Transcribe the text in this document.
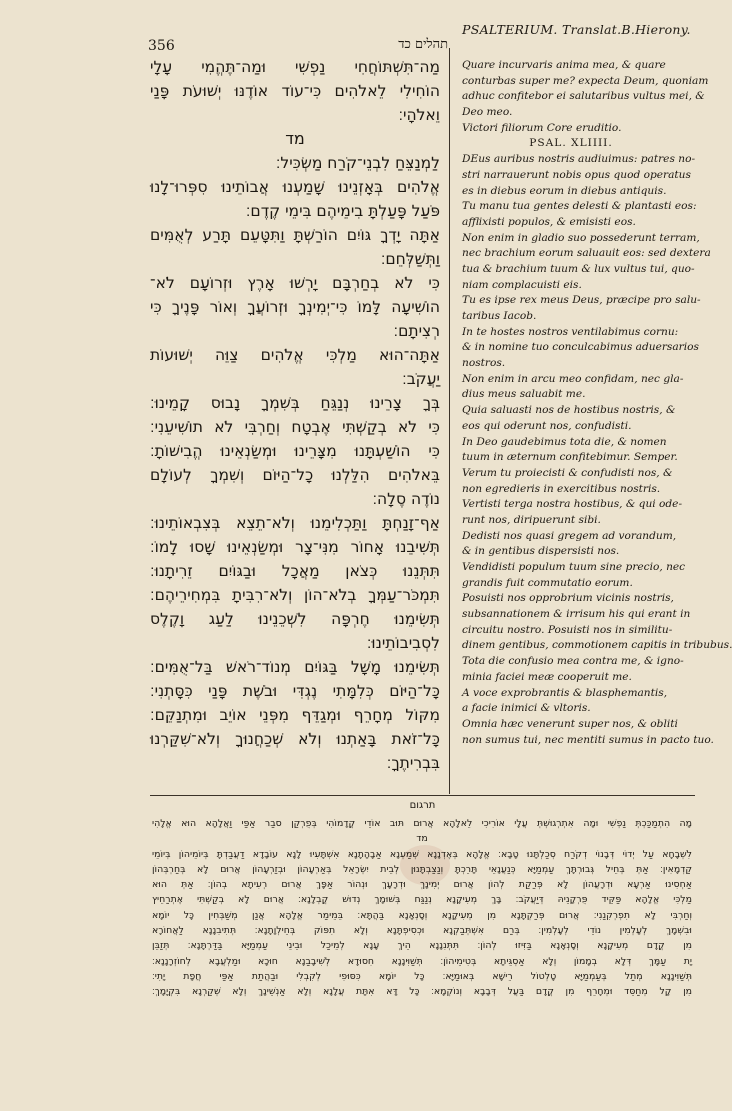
356	תהלים כד
PSALTERIUM. Translat.B.Hierony.
מַה־תִּשְׁתּוֹחֲחִי נַפְשִׁי וּמַה־תֶּהֱמִי עָלָי
הוֹחִילִי לֵאלֹהִים כִּי־עוֹד אוֹדֶנּוּ יְשׁוּעֹת פָּנַי
וֵאלֹהָי׃
מד
לַמְנַצֵּחַ לִבְנֵי־קֹרַח מַשְׂכִּיל׃
אֱלֹהִים בְּאָזְנֵינוּ שָׁמַעְנוּ אֲבוֹתֵינוּ סִפְּרוּ־לָנוּ
פֹּעַל פָּעַלְתָּ בִימֵיהֶם בִּימֵי קֶדֶם׃
אַתָּה יָדְךָ גּוֹיִם הוֹרַשְׁתָּ וַתִּטָּעֵם תָּרַע לְאֻמִּים
וַתְּשַׁלְּחֵם׃
כִּי לֹא בְחַרְבָּם יָרְשׁוּ אָרֶץ וּזְרוֹעָם לֹא־
הוֹשִׁיעָה לָּמוֹ כִּי־יְמִינְךָ וּזְרוֹעֲךָ וְאוֹר פָּנֶיךָ כִּי
רְצִיתָם׃
אַתָּה־הוּא מַלְכִּי אֱלֹהִים צַוֵּה יְשׁוּעוֹת
יַעֲקֹב׃
בְּךָ צָרֵינוּ נְנַגֵּחַ בְּשִׁמְךָ נָבוּס קָמֵינוּ׃
כִּי לֹא בְקַשְׁתִּי אֶבְטָח וְחַרְבִּי לֹא תוֹשִׁיעֵנִי׃
כִּי הוֹשַׁעְתָּנוּ מִצָּרֵינוּ וּמְשַׂנְאֵינוּ הֱבִישׁוֹתָ׃
בֵּאלֹהִים הִלַּלְנוּ כָל־הַיּוֹם וְשִׁמְךָ לְעוֹלָם
נוֹדֶה סֶלָה׃
אַף־זָנַחְתָּ וַתַּכְלִימֵנוּ וְלֹא־תֵצֵא בְּצִבְאוֹתֵינוּ׃
תְּשִׁיבֵנוּ אָחוֹר מִנִּי־צָר וּמְשַׂנְאֵינוּ שָׁסוּ לָמוֹ׃
תִּתְּנֵנוּ כְּצֹאן מַאֲכָל וּבַגּוֹיִם זֵרִיתָנוּ׃
תִּמְכֹּר־עַמְּךָ בְלֹא־הוֹן וְלֹא־רִבִּיתָ בִּמְחִירֵיהֶם׃
תְּשִׂימֵנוּ חֶרְפָּה לִשְׁכֵנֵינוּ לַעַג וָקֶלֶס
לִסְבִיבוֹתֵינוּ׃
תְּשִׂימֵנוּ מָשָׁל בַּגּוֹיִם מְנוֹד־רֹאשׁ בַּל־אֻמִּים׃
כָּל־הַיּוֹם כְּלִמָּתִי נֶגְדִּי וּבֹשֶׁת פָּנַי כִּסָּתְנִי׃
מִקּוֹל מְחָרֵף וּמְגַדֵּף מִפְּנֵי אוֹיֵב וּמִתְנַקֵּם׃
כָּל־זֹאת בָּאַתְנוּ וְלֹא שְׁכַחֲנוּךָ וְלֹא־שִׁקַּרְנוּ
בִּבְרִיתֶךָ׃
Quare incurvaris anima mea, & quare
conturbas super me? expecta Deum, quoniam
adhuc confitebor ei salutaribus vultus mei, &
Deo meo.
Victori filiorum Core eruditio.
PSAL. XLIIII.
DEus auribus nostris audiuimus: patres no-
stri narrauerunt nobis opus quod operatus
es in diebus eorum in diebus antiquis.
Tu manu tua gentes delesti & plantasti eos:
afflixisti populos, & emisisti eos.
Non enim in gladio suo possederunt terram,
nec brachium eorum saluauit eos: sed dextera
tua & brachium tuum & lux vultus tui, quo-
niam complacuisti eis.
Tu es ipse rex meus Deus, præcipe pro salu-
taribus Iacob.
In te hostes nostros ventilabimus cornu:
& in nomine tuo conculcabimus aduersarios
nostros.
Non enim in arcu meo confidam, nec gla-
dius meus saluabit me.
Quia saluasti nos de hostibus nostris, &
eos qui oderunt nos, confudisti.
In Deo gaudebimus tota die, & nomen
tuum in æternum confitebimur. Semper.
Verum tu proiecisti & confudisti nos, &
non egredieris in exercitibus nostris.
Vertisti terga nostra hostibus, & qui ode-
runt nos, diripuerunt sibi.
Dedisti nos quasi gregem ad vorandum,
& in gentibus dispersisti nos.
Vendidisti populum tuum sine precio, nec
grandis fuit commutatio eorum.
Posuisti nos opprobrium vicinis nostris,
subsannationem & irrisum his qui erant in
circuitu nostro. Posuisti nos in similitu-
dinem gentibus, commotionem capitis in tribubus.
Tota die confusio mea contra me, & igno-
minia faciei meæ cooperuit me.
A voce exprobrantis & blasphemantis,
a facie inimici & vltoris.
Omnia hæc venerunt super nos, & obliti
non sumus tui, nec mentiti sumus in pacto tuo.
תרגום
מָה הִתְמַכַּכְתְּ נַפְשִׁי וּמָה אִתְרְגוּשְׁתְּ עֲלָי אוֹרִיכִי לֵאלָהָא אֲרוּם תּוּב אוֹדֵי קֳדָמוֹהִי בְּפֻרְקַן סבַר אַפַּי וַאֲלָהָא הוּא אֱלָהִי
מד
לִשְׁבָחָא עַל יְדוֹי דְּבָנוֹי דְקֹרַח סְכַלְתָּנוּ טָבָא׃ אֱלָהָא בְּאֶדְנָנָא שְׁמַעְנָא אַבָהָתָנָא אִשְׁתָּעִיוּ לָנָא עוֹבָדָא דַעֲבַדְתָּ בְּיוֹמֵיהוֹן בְּיוֹמֵי
קַדְמָאִין׃ אַתְּ בְּחֵיל גְּבוּרְתָּךְ עַמְמַיָּא כְּנַעֲנָאֵי תָּרֵכְתָּ וְנַצַבְתָּנוּן לְבֵית יִשְׂרָאֵל בְּאַרְעָהוֹן וּבְזַרְעָהוֹן אֲרוּם לָא בְּחַרְבְּהוֹן
אַחְסִינוּ אַרְעָא וּדְרָעֲהוֹן לָא פְּרַקַת לְהוֹן אֲרוּם יְמִינָךְ וּדְרָעָךְ וּנְהוֹר אַפָּךְ אֲרוּם רְעִיתָא בְהוֹן׃ אַתְּ הוּא
מַלְכִּי אֱלָהָא פַּקֵּיד פֻּרְקָנֵיהּ דְּיַעֲקֹב׃ בָּךְ מְעִיקָנָא נְנַגַּח בְּשׁוּמָךְ נְדוּשׁ קֳבְלָנָא׃ אֲרוּם לָא בְקַשְׁתִּי אֶתְרַחֵיץ
וְחַרְבִּי לָא תִפְרְקִנַנִי׃ אֲרוּם פְּרַקְתָּנָא מִן מְעִיקָנָא וְסָנְאָנָא בַּהֲתָּא׃ בֵּמֵימַר אֱלָהָא אֲנַן מְשַׁבְּחִין כָּל יוֹמָא
וּבִשְׁמָךְ לְעָלְמִין נוֹדֵי לְעָלְמִין׃ בְּרַם אִשְׁתְּבַקְנָא וּכְסִיפְתָּנָא וְלָא תִפּוֹק בְּחֵילְוָתָנָא׃ תְּתִיבִנָנָא לַאֲחוֹרָא
מִן קֳדָם מְעִיקָנָא וְסָנְאָנָא בַּזִּיזוּ לְהוֹן׃ תִּתְּנִנָנָא הֵיךְ עָנָא לְמֵיכַל וּבֵינֵי עַמְמַיָּא בַּדַּרְתָּנָא׃ תְּזַבֵּן
יָת עַמָּךְ דְּלָא בְמָמוֹן וְלָא אַסְגֵּיתָא בְּטִימֵיהוֹן׃ תְּשַׁוִּינָנָא חִסוּדָא לְשִׁיבָבַנָא חוּכָא וּמַלְעֲבָא לְחוֹזְרָנָנָא׃
תְּשַׁוִּינָנָא מְתַל בְּעַמְמַיָּא טָלְטוֹל רֵישָׁא בְּאוּמַיָּא׃ כָּל יוֹמָא כִּסּוּפִי לְקִבְלִי וּבַהֲתַת אַפַּי חֲפָת יָתִי׃
מִן קָל מְחַסֵּד וּמְחָרֵף מִן קֳדָם בַּעֲל דְּבָבָא וְנוֹקְמָא׃ כָּל דָּא אִתָּת עֲלָנָא וְלָא אַנְשֵׁינָךְ וְלָא שְׁקַרְנָא בִּקְיָמָךְ׃
